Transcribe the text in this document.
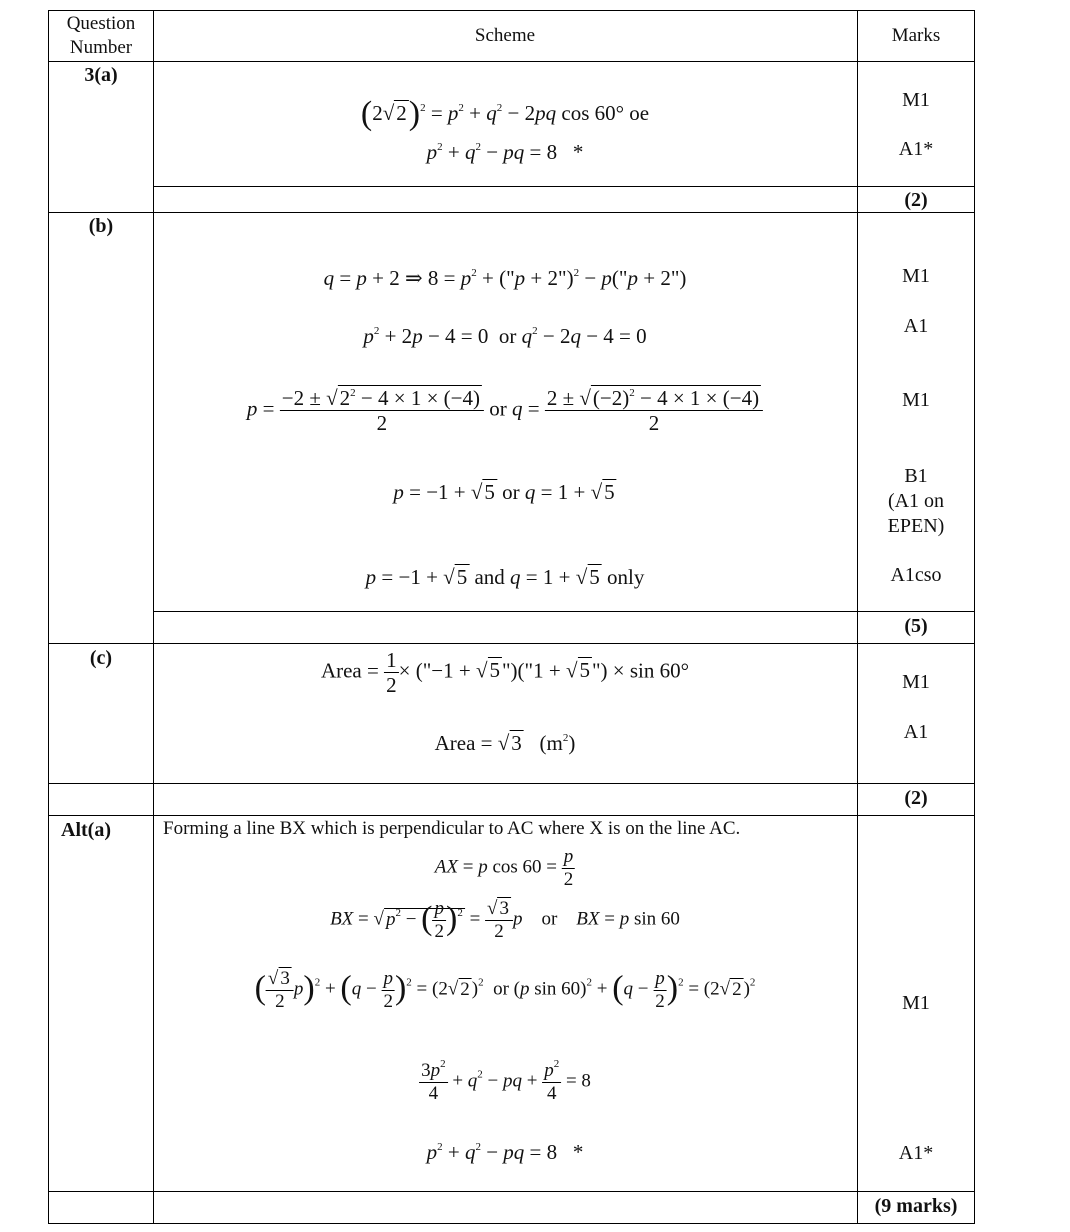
Question
Number
Scheme	Marks
3(a)
$(2√2)^2 = p^2 + q^2 - 2pq$ cos 60° oe
$p^2 + q^2$ − pq = 8   *
M1
A1*
(2)
(b)
q = p + 2 ⇒ $8 = p^2$ + ("p + 2")$^2$ − p("p + 2")
$p^2 + 2p - 4 = 0$  or $q^2 - 2q - 4 = 0$
$p = \frac{-2 \pm √2^2 - 4 \times 1 \times (-4)}{2}$ or $q = \frac{2 \pm √(-2)^2 - 4 \times 1 \times (-4)}{2}$
p = −1 + √5 or q = 1 + √5
p = −1 + √5 and q = 1 + √5 only
M1
A1
M1
B1
(A1 on
EPEN)
A1cso
(5)
(c)
Area = $\frac{1}{2}$ × ("−1 + √5")("1 + √5") × sin 60°
Area = √3 $(m^2)$
M1
A1
(2)
Alt(a)	Forming a line BX which is perpendicular to AC where X is on the line AC.
AX = p $\cos 60 = \frac{p}{2}$
BX = √ $p^2$ − ( $\frac{p}{2} )^2 = \frac{√ 3}{2}$ p    or    BX = p sin 60
( $\frac{√ 3}{2} p)^2 + (q - \frac{p}{2} )^2 = (2√$ 2 )$^2$ or (p $\sin 60)^2 + (q - \frac{p}{2} )^2 = (2√$ 2 )$^2$
$\frac{3p^2}{4} + q^2$ − pq + $\frac{p^2}{4} = 8$
$p^2 + q^2$ − pq = 8   *
M1
A1*
(9 marks)
